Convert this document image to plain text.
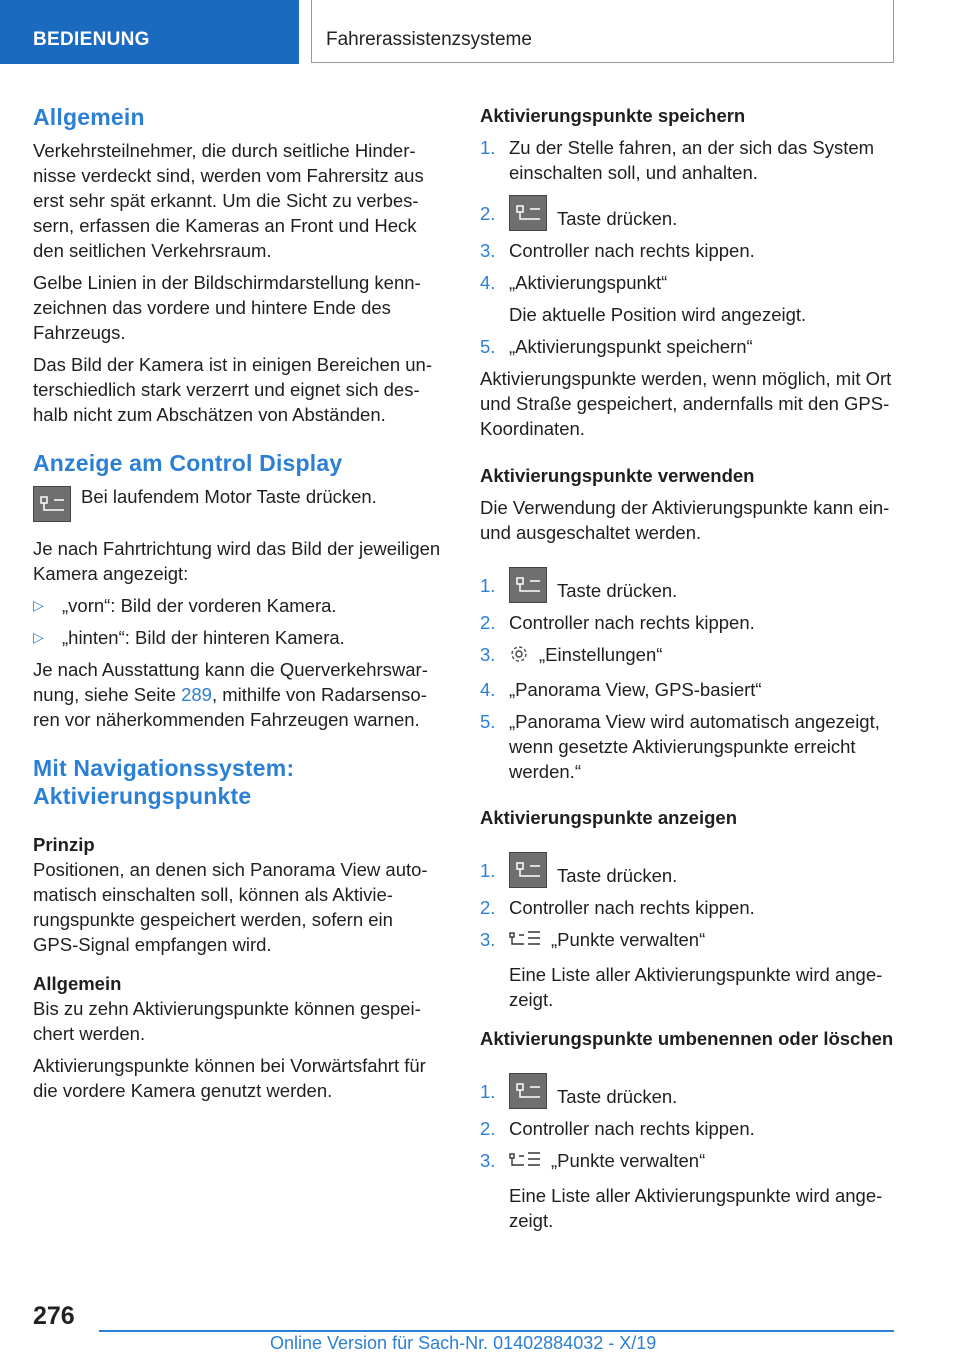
BEDIENUNG	Fahrerassistenzsysteme
Allgemein

Verkehrsteilnehmer, die durch seitliche Hindernisse verdeckt sind, werden vom Fahrersitz aus erst sehr spät erkannt. Um die Sicht zu verbessern, erfassen die Kameras an Front und Heck den seitlichen Verkehrsraum.

Gelbe Linien in der Bildschirmdarstellung kennzeichnen das vordere und hintere Ende des Fahrzeugs.

Das Bild der Kamera ist in einigen Bereichen unterschiedlich stark verzerrt und eignet sich deshalb nicht zum Abschätzen von Abständen.

Anzeige am Control Display

Bei laufendem Motor Taste drücken.

Je nach Fahrtrichtung wird das Bild der jeweiligen Kamera angezeigt:

▷ „vorn“: Bild der vorderen Kamera.
▷ „hinten“: Bild der hinteren Kamera.

Je nach Ausstattung kann die Querverkehrswarnung, siehe Seite 289, mithilfe von Radarsensoren vor näherkommenden Fahrzeugen warnen.

Mit Navigationssystem:
Aktivierungspunkte
Prinzip

Positionen, an denen sich Panorama View automatisch einschalten soll, können als Aktivierungspunkte gespeichert werden, sofern ein GPS-Signal empfangen wird.

Allgemein

Bis zu zehn Aktivierungspunkte können gespeichert werden.

Aktivierungspunkte können bei Vorwärtsfahrt für die vordere Kamera genutzt werden.

Aktivierungspunkte speichern
1. Zu der Stelle fahren, an der sich das System einschalten soll, und anhalten.
2.	Taste drücken.
3. Controller nach rechts kippen.
4. „Aktivierungspunkt“
Die aktuelle Position wird angezeigt.
5. „Aktivierungspunkt speichern“

Aktivierungspunkte werden, wenn möglich, mit Ort und Straße gespeichert, andernfalls mit den GPS-Koordinaten.

Aktivierungspunkte verwenden

Die Verwendung der Aktivierungspunkte kann ein- und ausgeschaltet werden.

1.	Taste drücken.
2. Controller nach rechts kippen.
3. „Einstellungen“
4. „Panorama View, GPS-basiert“
5. „Panorama View wird automatisch angezeigt, wenn gesetzte Aktivierungspunkte erreicht werden.“
Aktivierungspunkte anzeigen
1.	Taste drücken.
2. Controller nach rechts kippen.
3.	„Punkte verwalten“
Eine Liste aller Aktivierungspunkte wird angezeigt.
Aktivierungspunkte umbenennen oder löschen
1.	Taste drücken.
2. Controller nach rechts kippen.
3.	„Punkte verwalten“
Eine Liste aller Aktivierungspunkte wird angezeigt.
276
Online Version für Sach-Nr. 01402884032 - X/19
